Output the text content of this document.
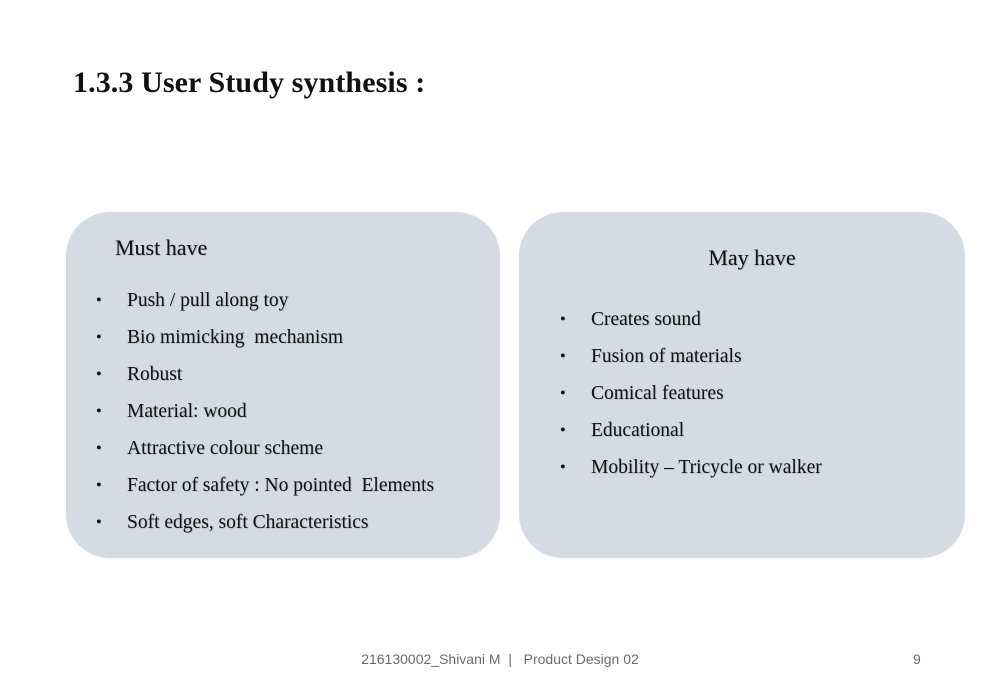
1.3.3 User Study synthesis :
Must have
• Push / pull along toy
• Bio mimicking  mechanism
• Robust
• Material: wood
• Attractive colour scheme
• Factor of safety : No pointed  Elements
• Soft edges, soft Characteristics
May have
• Creates sound
• Fusion of materials
• Comical features
• Educational
• Mobility – Tricycle or walker
216130002_Shivani M  |   Product Design 02	9
